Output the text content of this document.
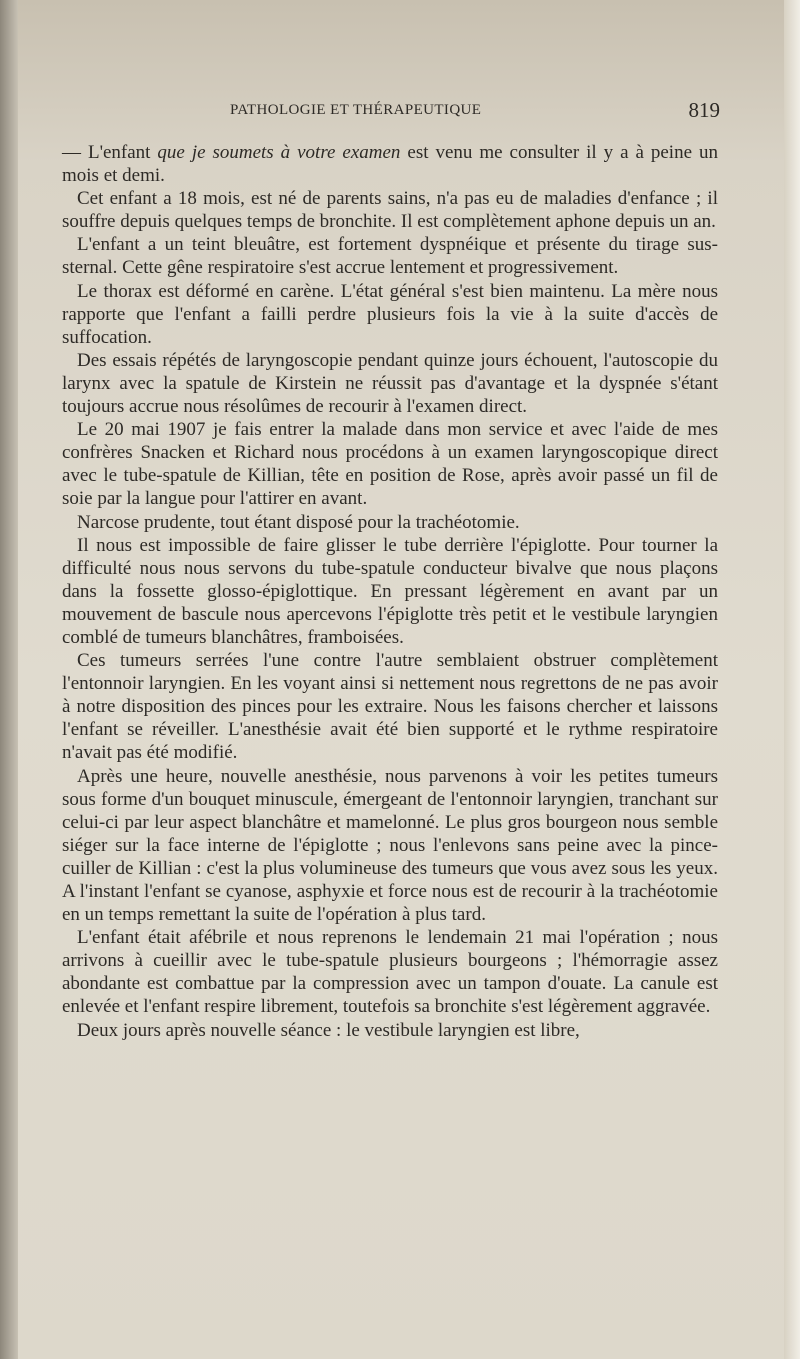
PATHOLOGIE ET THÉRAPEUTIQUE	819

— L'enfant que je soumets à votre examen est venu me consulter il y a à peine un mois et demi.

Cet enfant a 18 mois, est né de parents sains, n'a pas eu de maladies d'enfance ; il souffre depuis quelques temps de bronchite. Il est complètement aphone depuis un an.

L'enfant a un teint bleuâtre, est fortement dyspnéique et présente du tirage sus-sternal. Cette gêne respiratoire s'est accrue lentement et progressivement.

Le thorax est déformé en carène. L'état général s'est bien maintenu. La mère nous rapporte que l'enfant a failli perdre plusieurs fois la vie à la suite d'accès de suffocation.

Des essais répétés de laryngoscopie pendant quinze jours échouent, l'autoscopie du larynx avec la spatule de Kirstein ne réussit pas d'avantage et la dyspnée s'étant toujours accrue nous résolûmes de recourir à l'examen direct.

Le 20 mai 1907 je fais entrer la malade dans mon service et avec l'aide de mes confrères Snacken et Richard nous procédons à un examen laryngoscopique direct avec le tube-spatule de Killian, tête en position de Rose, après avoir passé un fil de soie par la langue pour l'attirer en avant.

Narcose prudente, tout étant disposé pour la trachéotomie.

Il nous est impossible de faire glisser le tube derrière l'épiglotte. Pour tourner la difficulté nous nous servons du tube-spatule conducteur bivalve que nous plaçons dans la fossette glosso-épiglottique. En pressant légèrement en avant par un mouvement de bascule nous apercevons l'épiglotte très petit et le vestibule laryngien comblé de tumeurs blanchâtres, framboisées.

Ces tumeurs serrées l'une contre l'autre semblaient obstruer complètement l'entonnoir laryngien. En les voyant ainsi si nettement nous regrettons de ne pas avoir à notre disposition des pinces pour les extraire. Nous les faisons chercher et laissons l'enfant se réveiller. L'anesthésie avait été bien supporté et le rythme respiratoire n'avait pas été modifié.

Après une heure, nouvelle anesthésie, nous parvenons à voir les petites tumeurs sous forme d'un bouquet minuscule, émergeant de l'entonnoir laryngien, tranchant sur celui-ci par leur aspect blanchâtre et mamelonné. Le plus gros bourgeon nous semble siéger sur la face interne de l'épiglotte ; nous l'enlevons sans peine avec la pince-cuiller de Killian : c'est la plus volumineuse des tumeurs que vous avez sous les yeux. A l'instant l'enfant se cyanose, asphyxie et force nous est de recourir à la trachéotomie en un temps remettant la suite de l'opération à plus tard.

L'enfant était afébrile et nous reprenons le lendemain 21 mai l'opération ; nous arrivons à cueillir avec le tube-spatule plusieurs bourgeons ; l'hémorragie assez abondante est combattue par la compression avec un tampon d'ouate. La canule est enlevée et l'enfant respire librement, toutefois sa bronchite s'est légèrement aggravée.

Deux jours après nouvelle séance : le vestibule laryngien est libre,
